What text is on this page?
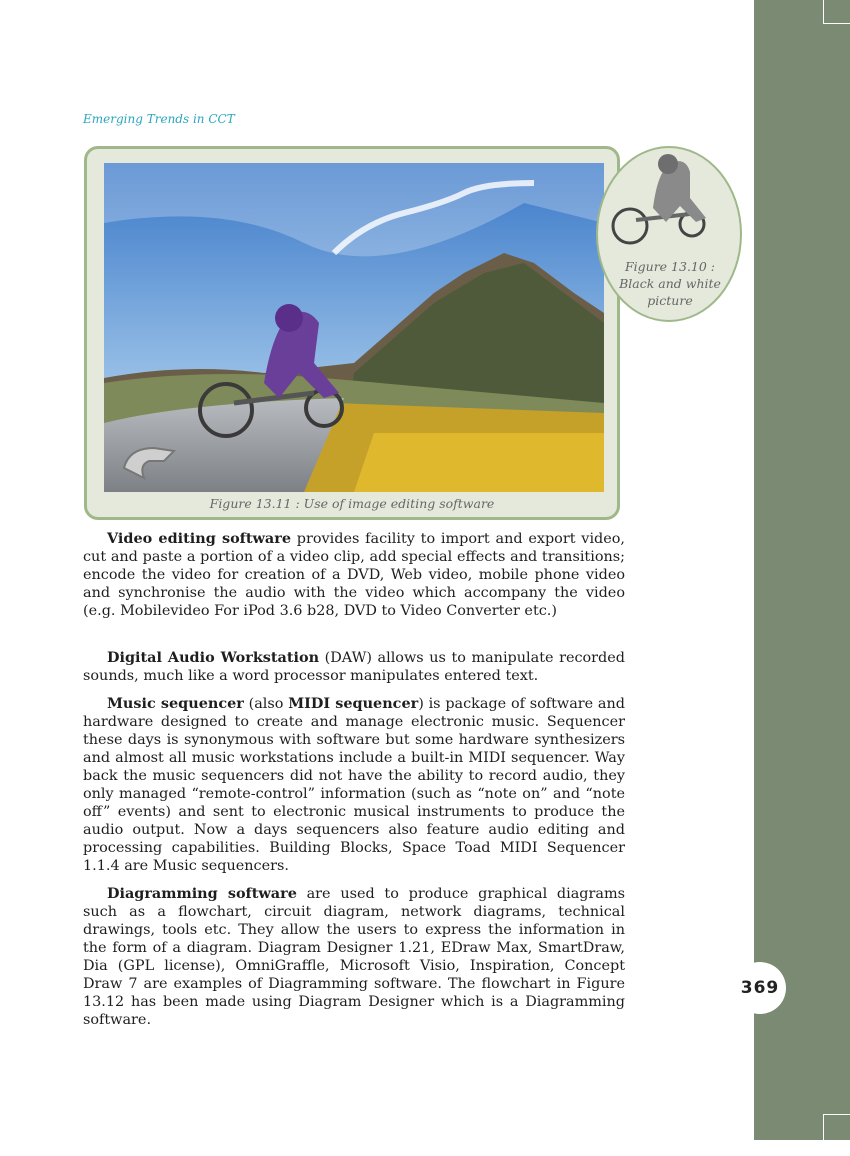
369
Emerging Trends in CCT
Figure 13.11 : Use of image editing software
Figure 13.10 :
Black and white
picture

Video editing software provides facility to import and export video, cut and paste a portion of a video clip, add special effects and transitions; encode the video for creation of a DVD, Web video, mobile phone video and synchronise the audio with the video which accompany the video (e.g. Mobilevideo For iPod 3.6 b28, DVD to Video Converter etc.)

Digital Audio Workstation (DAW) allows us to manipulate recorded sounds, much like a word processor manipulates entered text.

Music sequencer (also MIDI sequencer) is package of software and hardware designed to create and manage electronic music. Sequencer these days is synonymous with software but some hardware synthesizers and almost all music workstations include a built-in MIDI sequencer. Way back the music sequencers did not have the ability to record audio, they only managed “remote-control” information (such as “note on” and “note off” events) and sent to electronic musical instruments to produce the audio output. Now a days sequencers also feature audio editing and processing capabilities. Building Blocks, Space Toad MIDI Sequencer 1.1.4 are Music sequencers.

Diagramming software are used to produce graphical diagrams such as a flowchart, circuit diagram, network diagrams, technical drawings, tools etc. They allow the users to express the information in the form of a diagram. Diagram Designer 1.21, EDraw Max, SmartDraw, Dia (GPL license), OmniGraffle, Microsoft Visio, Inspiration, Concept Draw 7 are examples of Diagramming software. The flowchart in Figure 13.12 has been made using Diagram Designer which is a Diagramming software.
